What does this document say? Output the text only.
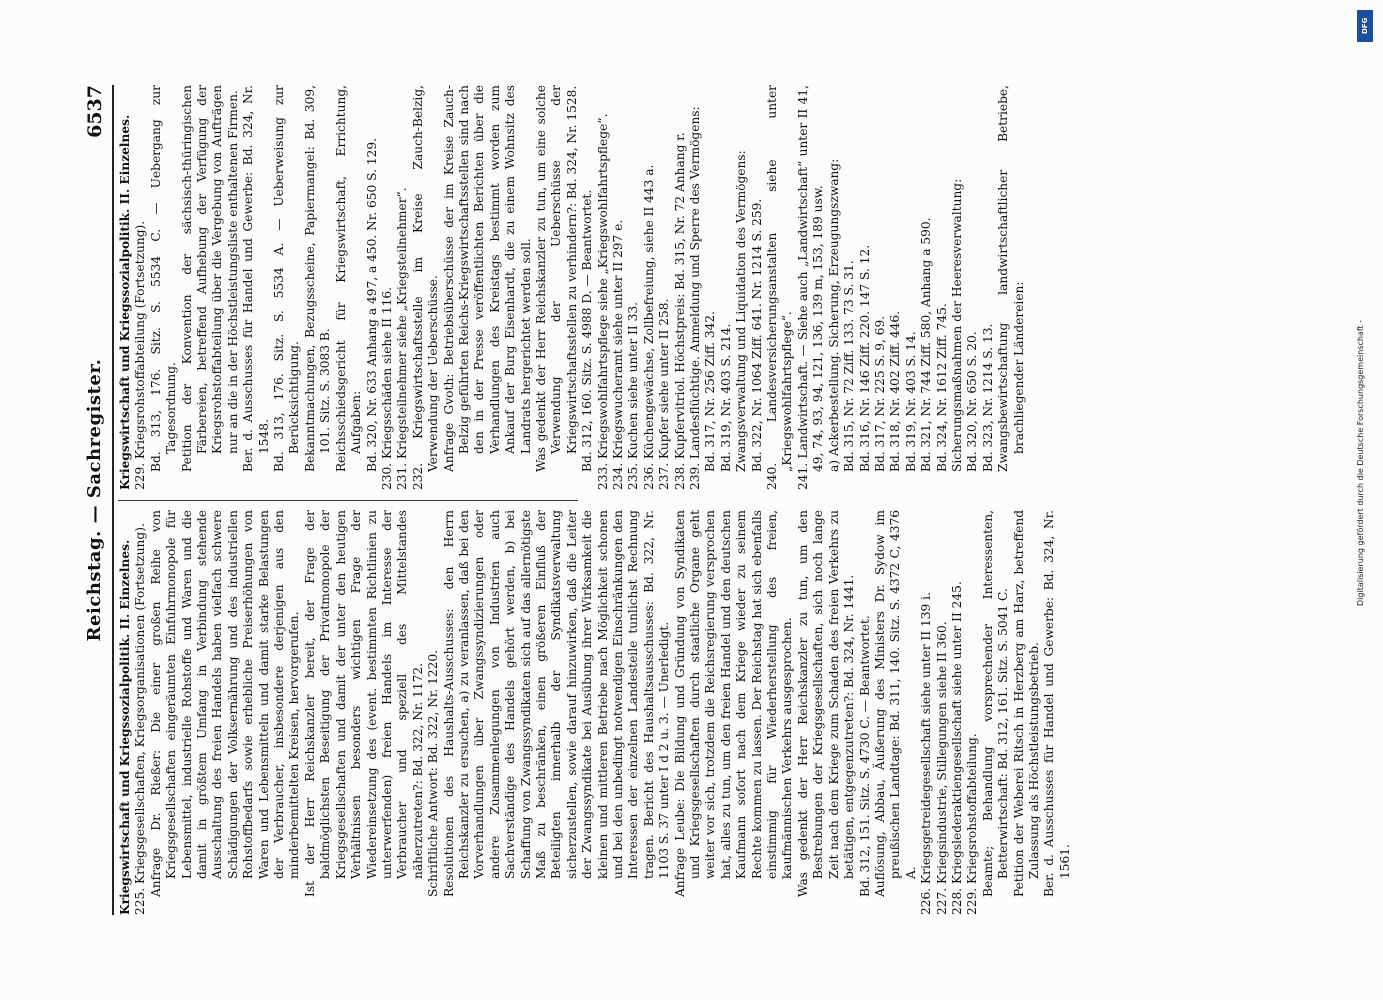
Reichstag. — Sachregister.
6537

Kriegswirtschaft und Kriegssozialpolitik. II. Einzelnes. 225. Kriegsgesellschaften, Kriegsorganisationen (Fortsetzung). Anfrage Dr. Rießer: Die einer großen Reihe von Kriegsgesellschaften eingeräumten Einfuhrmonopole für Lebensmittel, industrielle Rohstoffe und Waren und die damit in größtem Umfang in Verbindung stehende Ausschaltung des freien Handels haben vielfach schwere Schädigungen der Volksernährung und des industriellen Rohstoffbedarfs sowie erhebliche Preiserhöhungen von Waren und Lebensmitteln und damit starke Belastungen der Verbraucher, insbesondere derjenigen aus den minderbemittelten Kreisen, hervorgerufen. Ist der Herr Reichskanzler bereit, der Frage der baldmöglichsten Beseitigung der Privatmonopole der Kriegsgesellschaften und damit der unter den heutigen Verhältnissen besonders wichtigen Frage der Wiedereinsetzung des (event. bestimmten Richtlinien zu unterwerfenden) freien Handels im Interesse der Verbraucher und speziell des Mittelstandes näherzutreten?: Bd. 322, Nr. 1172. Schriftliche Antwort: Bd. 322, Nr. 1220. Resolutionen des Haushalts-Ausschusses: den Herrn Reichskanzler zu ersuchen, a) zu veranlassen, daß bei den Vorverhandlungen über Zwangssyndizierungen oder andere Zusammenlegungen von Industrien auch Sachverständige des Handels gehört werden, b) bei Schaffung von Zwangssyndikaten sich auf das allernötigste Maß zu beschränken, einen größeren Einfluß der Beteiligten innerhalb der Syndikatsverwaltung sicherzustellen, sowie darauf hinzuwirken, daß die Leiter der Zwangssyndikate bei Ausübung ihrer Wirksamkeit die kleinen und mittleren Betriebe nach Möglichkeit schonen und bei den unbedingt notwendigen Einschränkungen den Interessen der einzelnen Landesteile tunlichst Rechnung tragen. Bericht des Haushaltsausschusses: Bd. 322, Nr. 1103 S. 37 unter I d 2 u. 3. — Unerledigt. Anfrage Leube: Die Bildung und Gründung von Syndikaten und Kriegsgesellschaften durch staatliche Organe geht weiter vor sich, trotzdem die Reichsregierung versprochen hat, alles zu tun, um den freien Handel und den deutschen Kaufmann sofort nach dem Kriege wieder zu seinem Rechte kommen zu lassen. Der Reichstag hat sich ebenfalls einstimmig für Wiederherstellung des freien, kaufmännischen Verkehrs ausgesprochen. Was gedenkt der Herr Reichskanzler zu tun, um den Bestrebungen der Kriegsgesellschaften, sich noch lange Zeit nach dem Kriege zum Schaden des freien Verkehrs zu betätigen, entgegenzutreten?: Bd. 324, Nr. 1441. Bd. 312, 151. Sitz. S. 4730 C. — Beantwortet. Auflösung, Abbau, Äußerung des Ministers Dr. Sydow im preußischen Landtage: Bd. 311, 140. Sitz. S. 4372 C, 4376 A. 226. Kriegsgetreidegesellschaft siehe unter II 139 i. 227. Kriegsindustrie, Stillegungen siehe II 360. 228. Kriegslederaktiengesellschaft siehe unter II 245. 229. Kriegsrohstoffabteilung. Beamte; Behandlung vorsprechender Interessenten, Betterwirtschaft: Bd. 312, 161. Sitz. S. 5041 C. Petition der Weberei Ritsch in Herzberg am Harz, betreffend Zulassung als Höchstleistungsbetrieb. Ber. d. Ausschusses für Handel und Gewerbe: Bd. 324, Nr. 1561.

Kriegswirtschaft und Kriegssozialpolitik. II. Einzelnes. 229. Kriegsrohstoffabteilung (Fortsetzung). Bd. 313, 176. Sitz. S. 5534 C. — Uebergang zur Tagesordnung. Petition der Konvention der sächsisch-thüringischen Färbereien, betreffend Aufhebung der Verfügung der Kriegsrohstoffabteilung über die Vergebung von Aufträgen nur an die in der Höchstleistungsliste enthaltenen Firmen. Ber. d. Ausschusses für Handel und Gewerbe: Bd. 324, Nr. 1548. Bd. 313, 176. Sitz. S. 5534 A. — Ueberweisung zur Berücksichtigung. Bekanntmachungen, Bezugsscheine, Papiermangel: Bd. 309, 101. Sitz. S. 3083 B. Reichsschiedsgericht für Kriegswirtschaft, Errichtung, Aufgaben: Bd. 320, Nr. 633 Anhang a 497, a 450. Nr. 650 S. 129. 230. Kriegsschäden siehe II 116. 231. Kriegsteilnehmer siehe „Kriegsteilnehmer“. 232. Kriegswirtschaftsstelle im Kreise Zauch-Belzig, Verwendung der Ueberschüsse. Anfrage Gvoth: Betriebsüberschüsse der im Kreise Zauch-Belzig geführten Reichs-Kriegswirtschaftsstellen sind nach den in der Presse veröffentlichten Berichten über die Verhandlungen des Kreistags bestimmt worden zum Ankauf der Burg Eisenhardt, die zu einem Wohnsitz des Landrats hergerichtet werden soll. Was gedenkt der Herr Reichskanzler zu tun, um eine solche Verwendung der Ueberschüsse der Kriegswirtschaftsstellen zu verhindern?: Bd. 324, Nr. 1528. Bd. 312, 160. Sitz. S. 4988 D. — Beantwortet. 233. Kriegswohlfahrtspflege siehe „Kriegswohlfahrtspflege“. 234. Kriegswucheramt siehe unter II 297 e. 235. Kuchen siehe unter II 33. 236. Küchengewächse, Zollbefreiung, siehe II 443 a. 237. Kupfer siehe unter II 258. 238. Kupfervitriol. Höchstpreis: Bd. 315, Nr. 72 Anhang r. 239. Landesflüchtige. Anmeldung und Sperre des Vermögens: Bd. 317, Nr. 256 Ziff. 342. Bd. 319, Nr. 403 S. 214. Zwangsverwaltung und Liquidation des Vermögens: Bd. 322, Nr. 1064 Ziff. 641. Nr. 1214 S. 259. 240. Landesversicherungsanstalten siehe unter „Kriegswohlfahrtspflege“. 241. Landwirtschaft. — Siehe auch „Landwirtschaft“ unter II 41, 49, 74, 93, 94, 121, 136, 139 m, 153, 189 usw. a) Ackerbestellung. Sicherung, Erzeugungszwang: Bd. 315, Nr. 72 Ziff. 133. 73 S. 31. Bd. 316, Nr. 146 Ziff. 220. 147 S. 12. Bd. 317, Nr. 225 S. 9, 69. Bd. 318, Nr. 402 Ziff. 446. Bd. 319, Nr. 403 S. 14. Bd. 321, Nr. 744 Ziff. 580, Anhang a 590. Bd. 324, Nr. 1612 Ziff. 745. Sicherungsmaßnahmen der Heeresverwaltung: Bd. 320, Nr. 650 S. 20. Bd. 323, Nr. 1214 S. 13. Zwangsbewirtschaftung landwirtschaftlicher Betriebe, brachliegender Ländereien:

DFG
Digitalisierung gefördert durch die Deutsche Forschungsgemeinschaft -
